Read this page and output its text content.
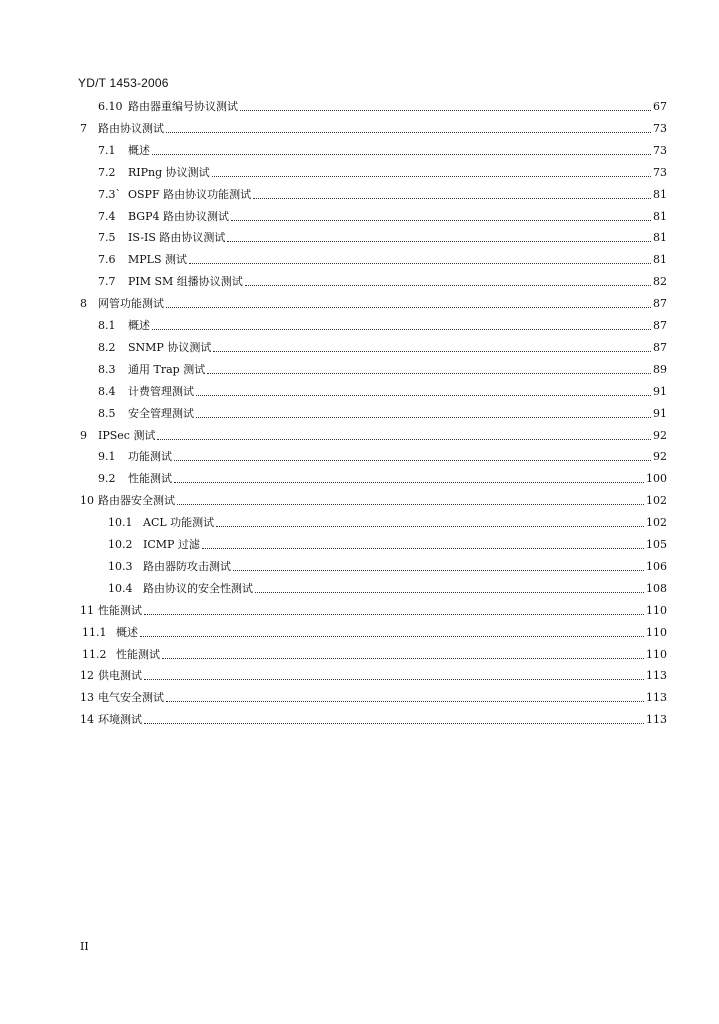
YD/T 1453-2006
6.10 路由器重编号协议测试	67
7	路由协议测试	73
7.1	概述	73
7.2	RIPng 协议测试	73
7.3` OSPF 路由协议功能测试	81
7.4	BGP4 路由协议测试	81
7.5	IS-IS 路由协议测试	81
7.6	MPLS 测试	81
7.7	PIM SM 组播协议测试	82
8	网管功能测试	87
8.1	概述	87
8.2	SNMP 协议测试	87
8.3	通用 Trap 测试	89
8.4	计费管理测试	91
8.5	安全管理测试	91
9	IPSec 测试	92
9.1	功能测试	92
9.2	性能测试	100
10 路由器安全测试	102
10.1 ACL 功能测试	102
10.2 ICMP 过滤	105
10.3 路由器防攻击测试	106
10.4 路由协议的安全性测试	108
11 性能测试	110
11.1 概述	110
11.2 性能测试	110
12 供电测试	113
13 电气安全测试	113
14 环境测试	113
II
